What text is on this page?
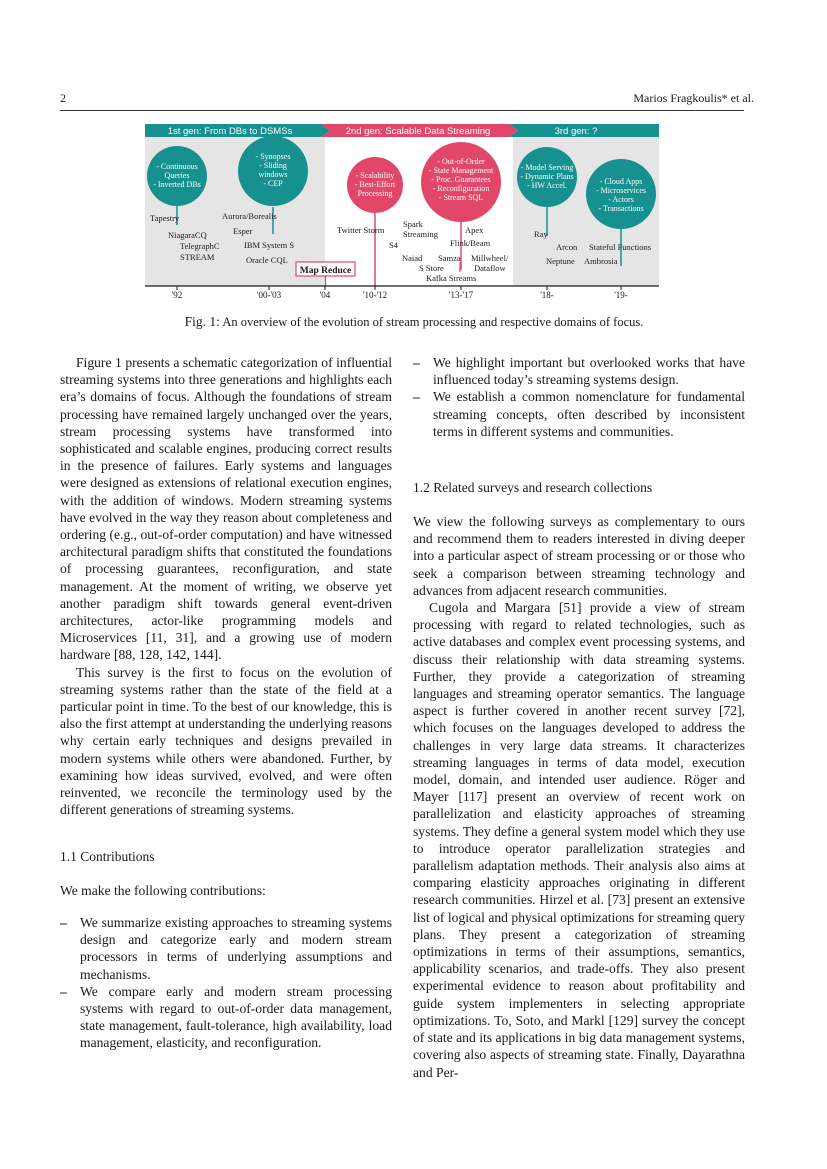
2	Marios Fragkoulis* et al.
1st gen: From DBs to DSMSs	2nd gen: Scalable Data Streaming	3rd gen: ?
- Continuous
Queries
- Inverted DBs
- Synopses
- Sliding
windows
- CEP
- Scalability
- Best-Effort
Processing
- Out-of-Order
- State Management
- Proc. Guarantees
- Reconfiguration
- Stream SQL
- Model Serving
- Dynamic Plans
- HW Accel.	- Cloud Apps
- Microservices
- Actors
- Transactions
Tapestry
NiagaraCQ
TelegraphC
STREAM
Aurora/Borealis
Esper
IBM System S
Oracle CQL
Twitter Storm
S4
Spark
Streaming	Apex
Flink/Beam
Naiad Samza Millwheel/
S Store	Dataflow
Kafka Streams
Ray
Arcon Stateful Functions
Neptune Ambrosia
Map Reduce
'92	'00-'03	'04	'10-'12	'13-'17	'18-	'19-
Fig. 1: An overview of the evolution of stream processing and respective domains of focus.

Figure 1 presents a schematic categorization of influential streaming systems into three generations and highlights each era’s domains of focus. Although the foundations of stream processing have remained largely unchanged over the years, stream processing systems have transformed into sophisticated and scalable engines, producing correct results in the presence of failures. Early systems and languages were designed as extensions of relational execution engines, with the addition of windows. Modern streaming systems have evolved in the way they reason about completeness and ordering (e.g., out-of-order computation) and have witnessed architectural paradigm shifts that constituted the foundations of processing guarantees, reconfiguration, and state management. At the moment of writing, we observe yet another paradigm shift towards general event-driven architectures, actor-like programming models and Microservices [11, 31], and a growing use of modern hardware [88, 128, 142, 144].

This survey is the first to focus on the evolution of streaming systems rather than the state of the field at a particular point in time. To the best of our knowledge, this is also the first attempt at understanding the underlying reasons why certain early techniques and designs prevailed in modern systems while others were abandoned. Further, by examining how ideas survived, evolved, and were often reinvented, we reconcile the terminology used by the different generations of streaming systems.

1.1 Contributions

We make the following contributions:

– We summarize existing approaches to streaming systems design and categorize early and modern stream processors in terms of underlying assumptions and mechanisms.
– We compare early and modern stream processing systems with regard to out-of-order data management, state management, fault-tolerance, high availability, load management, elasticity, and reconfiguration.
– We highlight important but overlooked works that have influenced today’s streaming systems design.
– We establish a common nomenclature for fundamental streaming concepts, often described by inconsistent terms in different systems and communities.
1.2 Related surveys and research collections

We view the following surveys as complementary to ours and recommend them to readers interested in diving deeper into a particular aspect of stream processing or or those who seek a comparison between streaming technology and advances from adjacent research communities.

Cugola and Margara [51] provide a view of stream processing with regard to related technologies, such as active databases and complex event processing systems, and discuss their relationship with data streaming systems. Further, they provide a categorization of streaming languages and streaming operator semantics. The language aspect is further covered in another recent survey [72], which focuses on the languages developed to address the challenges in very large data streams. It characterizes streaming languages in terms of data model, execution model, domain, and intended user audience. Röger and Mayer [117] present an overview of recent work on parallelization and elasticity approaches of streaming systems. They define a general system model which they use to introduce operator parallelization strategies and parallelism adaptation methods. Their analysis also aims at comparing elasticity approaches originating in different research communities. Hirzel et al. [73] present an extensive list of logical and physical optimizations for streaming query plans. They present a categorization of streaming optimizations in terms of their assumptions, semantics, applicability scenarios, and trade-offs. They also present experimental evidence to reason about profitability and guide system implementers in selecting appropriate optimizations. To, Soto, and Markl [129] survey the concept of state and its applications in big data management systems, covering also aspects of streaming state. Finally, Dayarathna and Per-
